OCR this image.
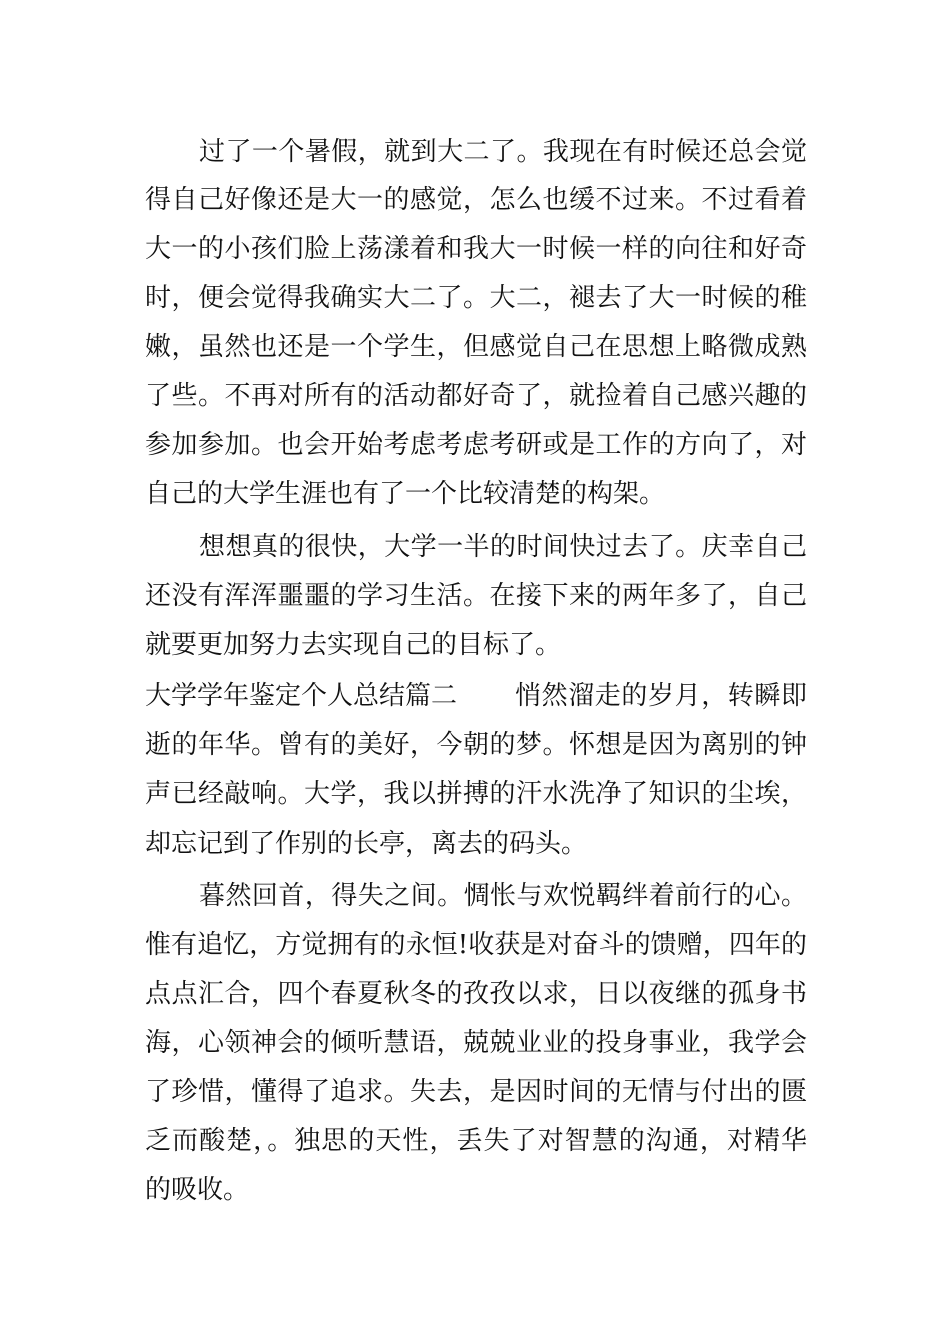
过了一个暑假，就到大二了。我现在有时候还总会觉
得自己好像还是大一的感觉，怎么也缓不过来。不过看着
大一的小孩们脸上荡漾着和我大一时候一样的向往和好奇
时，便会觉得我确实大二了。大二，褪去了大一时候的稚
嫩，虽然也还是一个学生，但感觉自己在思想上略微成熟
了些。不再对所有的活动都好奇了，就捡着自己感兴趣的
参加参加。也会开始考虑考虑考研或是工作的方向了，对
自己的大学生涯也有了一个比较清楚的构架。
想想真的很快，大学一半的时间快过去了。庆幸自己
还没有浑浑噩噩的学习生活。在接下来的两年多了，自己
就要更加努力去实现自己的目标了。
大学学年鉴定个人总结篇二 悄然溜走的岁月，转瞬即
逝的年华。曾有的美好，今朝的梦。怀想是因为离别的钟
声已经敲响。大学，我以拼搏的汗水洗净了知识的尘埃，
却忘记到了作别的长亭，离去的码头。
暮然回首，得失之间。惆怅与欢悦羁绊着前行的心。
惟有追忆，方觉拥有的永恒!收获是对奋斗的馈赠，四年的
点点汇合，四个春夏秋冬的孜孜以求，日以夜继的孤身书
海，心领神会的倾听慧语，兢兢业业的投身事业，我学会
了珍惜，懂得了追求。失去，是因时间的无情与付出的匮
乏而酸楚，。独思的天性，丢失了对智慧的沟通，对精华
的吸收。
